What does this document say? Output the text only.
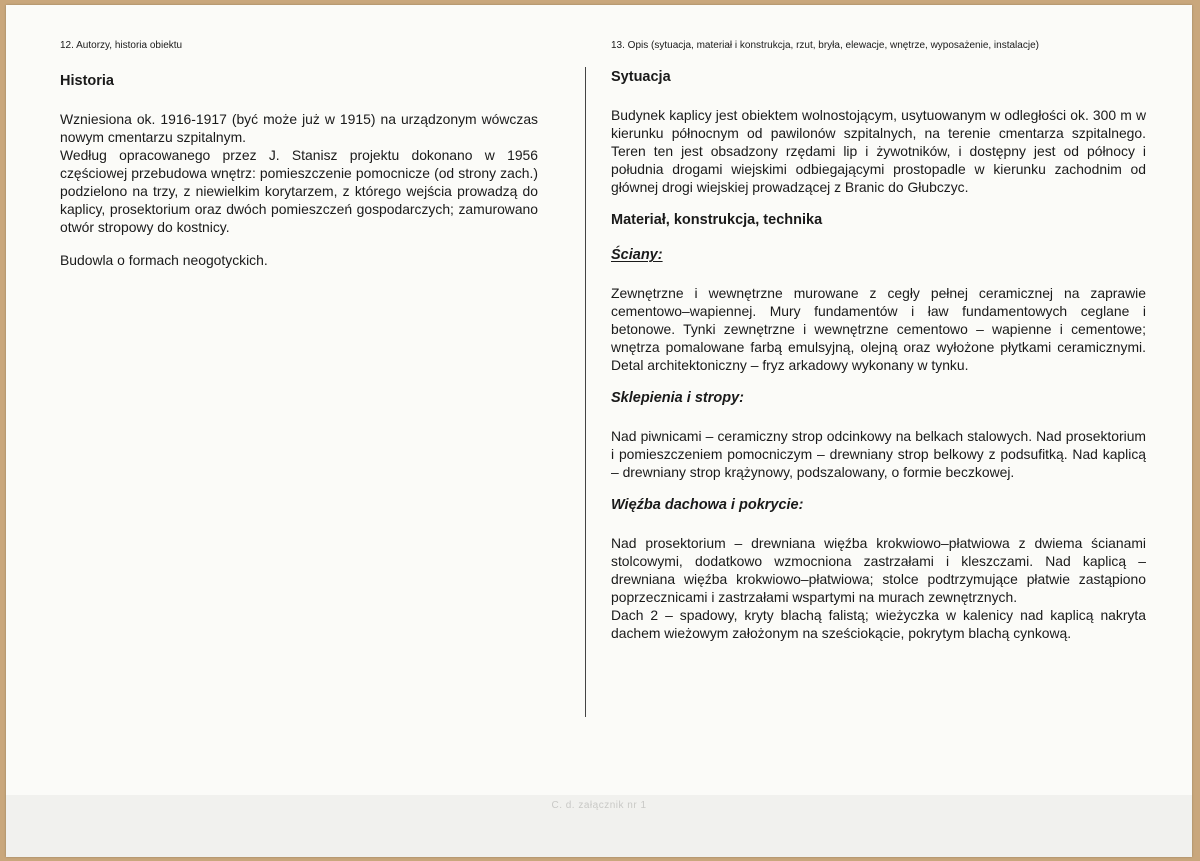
12. Autorzy, historia obiektu

Historia

Wzniesiona ok. 1916-1917 (być może już w 1915) na urządzonym wówczas nowym cmentarzu szpitalnym.

Według opracowanego przez J. Stanisz projektu dokonano w 1956 częściowej przebudowa wnętrz: pomieszczenie pomocnicze (od strony zach.) podzielono na trzy, z niewielkim korytarzem, z którego wejścia prowadzą do kaplicy, prosektorium oraz dwóch pomieszczeń gospodarczych; zamurowano otwór stropowy do kostnicy.

Budowla o formach neogotyckich.

13. Opis (sytuacja, materiał i konstrukcja, rzut, bryła, elewacje, wnętrze, wyposażenie, instalacje)

Sytuacja

Budynek kaplicy jest obiektem wolnostojącym, usytuowanym w odległości ok. 300 m w kierunku północnym od pawilonów szpitalnych, na terenie cmentarza szpitalnego. Teren ten jest obsadzony rzędami lip i żywotników, i dostępny jest od północy i południa drogami wiejskimi odbiegającymi prostopadle w kierunku zachodnim od głównej drogi wiejskiej prowadzącej z Branic do Głubczyc.

Materiał, konstrukcja, technika
Ściany:

Zewnętrzne i wewnętrzne murowane z cegły pełnej ceramicznej na zaprawie cementowo–wapiennej. Mury fundamentów i ław fundamentowych ceglane i betonowe. Tynki zewnętrzne i wewnętrzne cementowo – wapienne i cementowe; wnętrza pomalowane farbą emulsyjną, olejną oraz wyłożone płytkami ceramicznymi. Detal architektoniczny – fryz arkadowy wykonany w tynku.

Sklepienia i stropy:

Nad piwnicami – ceramiczny strop odcinkowy na belkach stalowych. Nad prosektorium i pomieszczeniem pomocniczym – drewniany strop belkowy z podsufitką. Nad kaplicą – drewniany strop krążynowy, podszalowany, o formie beczkowej.

Więźba dachowa i pokrycie:

Nad prosektorium – drewniana więźba krokwiowo–płatwiowa z dwiema ścianami stolcowymi, dodatkowo wzmocniona zastrzałami i kleszczami. Nad kaplicą – drewniana więźba krokwiowo–płatwiowa; stolce podtrzymujące płatwie zastąpiono poprzecznicami i zastrzałami wspartymi na murach zewnętrznych.

Dach 2 – spadowy, kryty blachą falistą; wieżyczka w kalenicy nad kaplicą nakryta dachem wieżowym założonym na sześciokącie, pokrytym blachą cynkową.

C. d. załącznik nr 1
